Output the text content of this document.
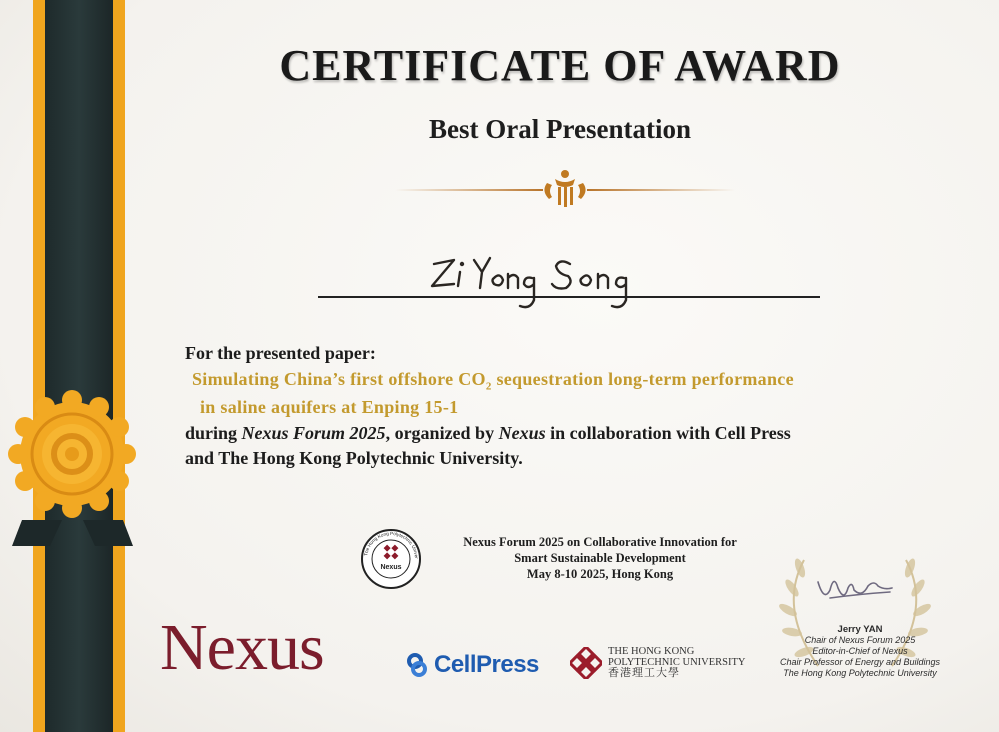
CERTIFICATE OF AWARD
Best Oral Presentation
For the presented paper:
Simulating China’s first offshore $CO_2$ sequestration long-term performance
in saline aquifers at Enping 15-1
during Nexus Forum 2025, organized by Nexus in collaboration with Cell Press
and The Hong Kong Polytechnic University.
Nexus
The Hong Kong Polytechnic Univer
Nexus Forum 2025 on Collaborative Innovation for
Smart Sustainable Development
May 8-10 2025, Hong Kong
Nexus	CellPress	THE HONG KONG
POLYTECHNIC UNIVERSITY
香港理工大學
Jerry YAN
Chair of Nexus Forum 2025
Editor-in-Chief of Nexus
Chair Professor of Energy and Buildings
The Hong Kong Polytechnic University
